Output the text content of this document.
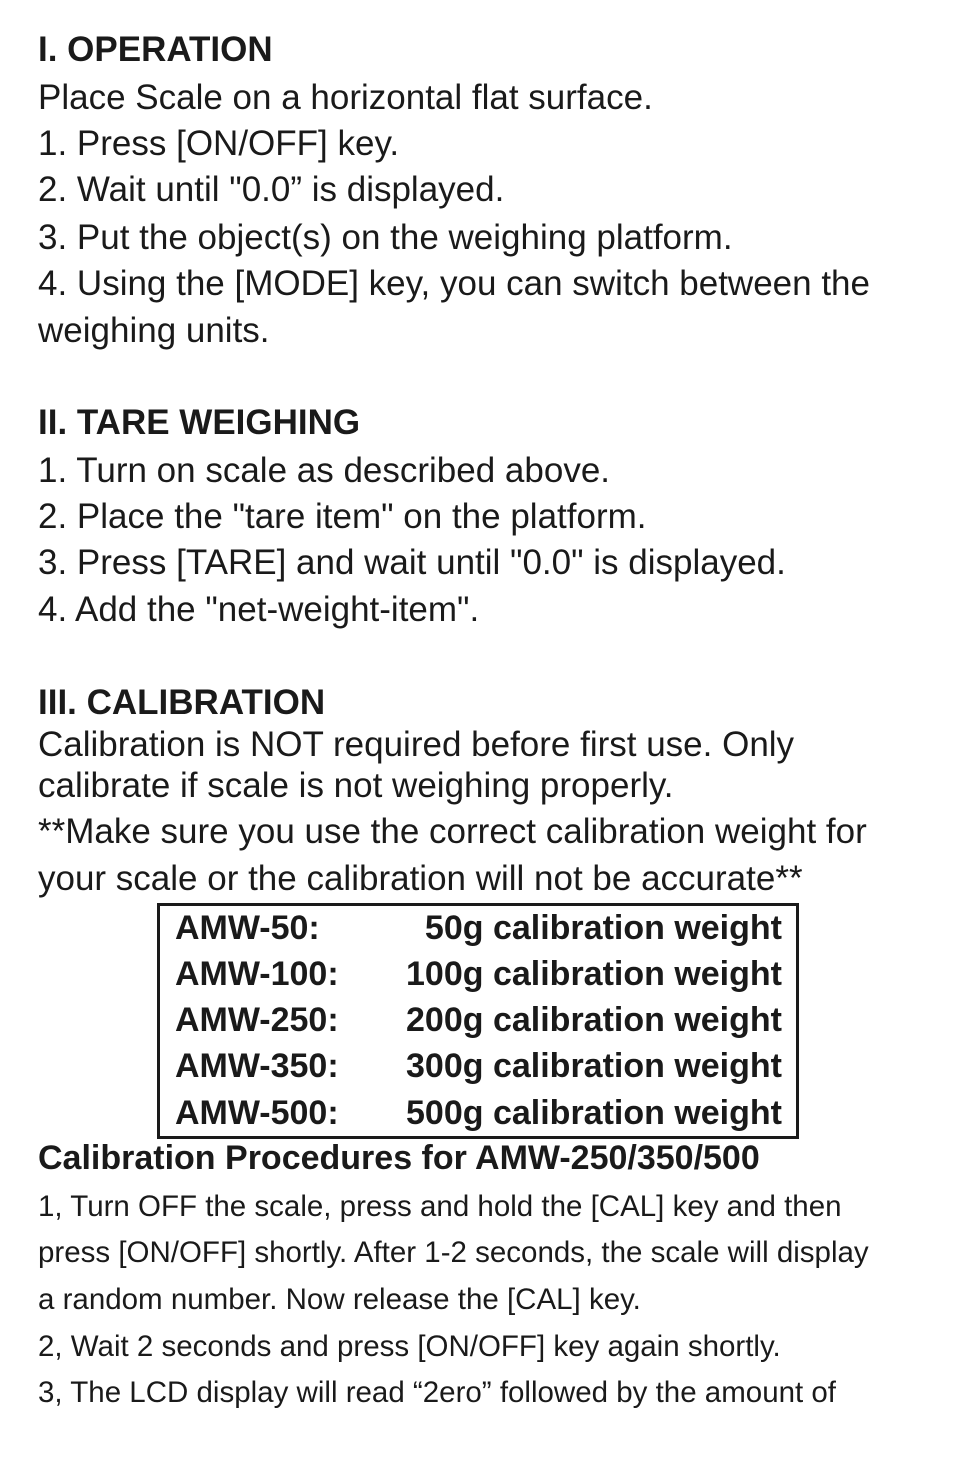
I. OPERATION
Place Scale on a horizontal flat surface.
1. Press [ON/OFF] key.
2. Wait until "0.0” is displayed.
3. Put the object(s) on the weighing platform.
4. Using the [MODE] key, you can switch between the
weighing units.
II. TARE WEIGHING
1. Turn on scale as described above.
2. Place the "tare item" on the platform.
3. Press [TARE] and wait until "0.0" is displayed.
4. Add the "net-weight-item".
III. CALIBRATION
Calibration is NOT required before first use. Only
calibrate if scale is not weighing properly.
**Make sure you use the correct calibration weight for
your scale or the calibration will not be accurate**
AMW-50:	50g calibration weight
AMW-100: 100g calibration weight
AMW-250: 200g calibration weight
AMW-350: 300g calibration weight
AMW-500: 500g calibration weight
Calibration Procedures for AMW-250/350/500
1, Turn OFF the scale, press and hold the [CAL] key and then
press [ON/OFF] shortly. After 1-2 seconds, the scale will display
a random number. Now release the [CAL] key.
2, Wait 2 seconds and press [ON/OFF] key again shortly.
3, The LCD display will read “2ero” followed by the amount of
